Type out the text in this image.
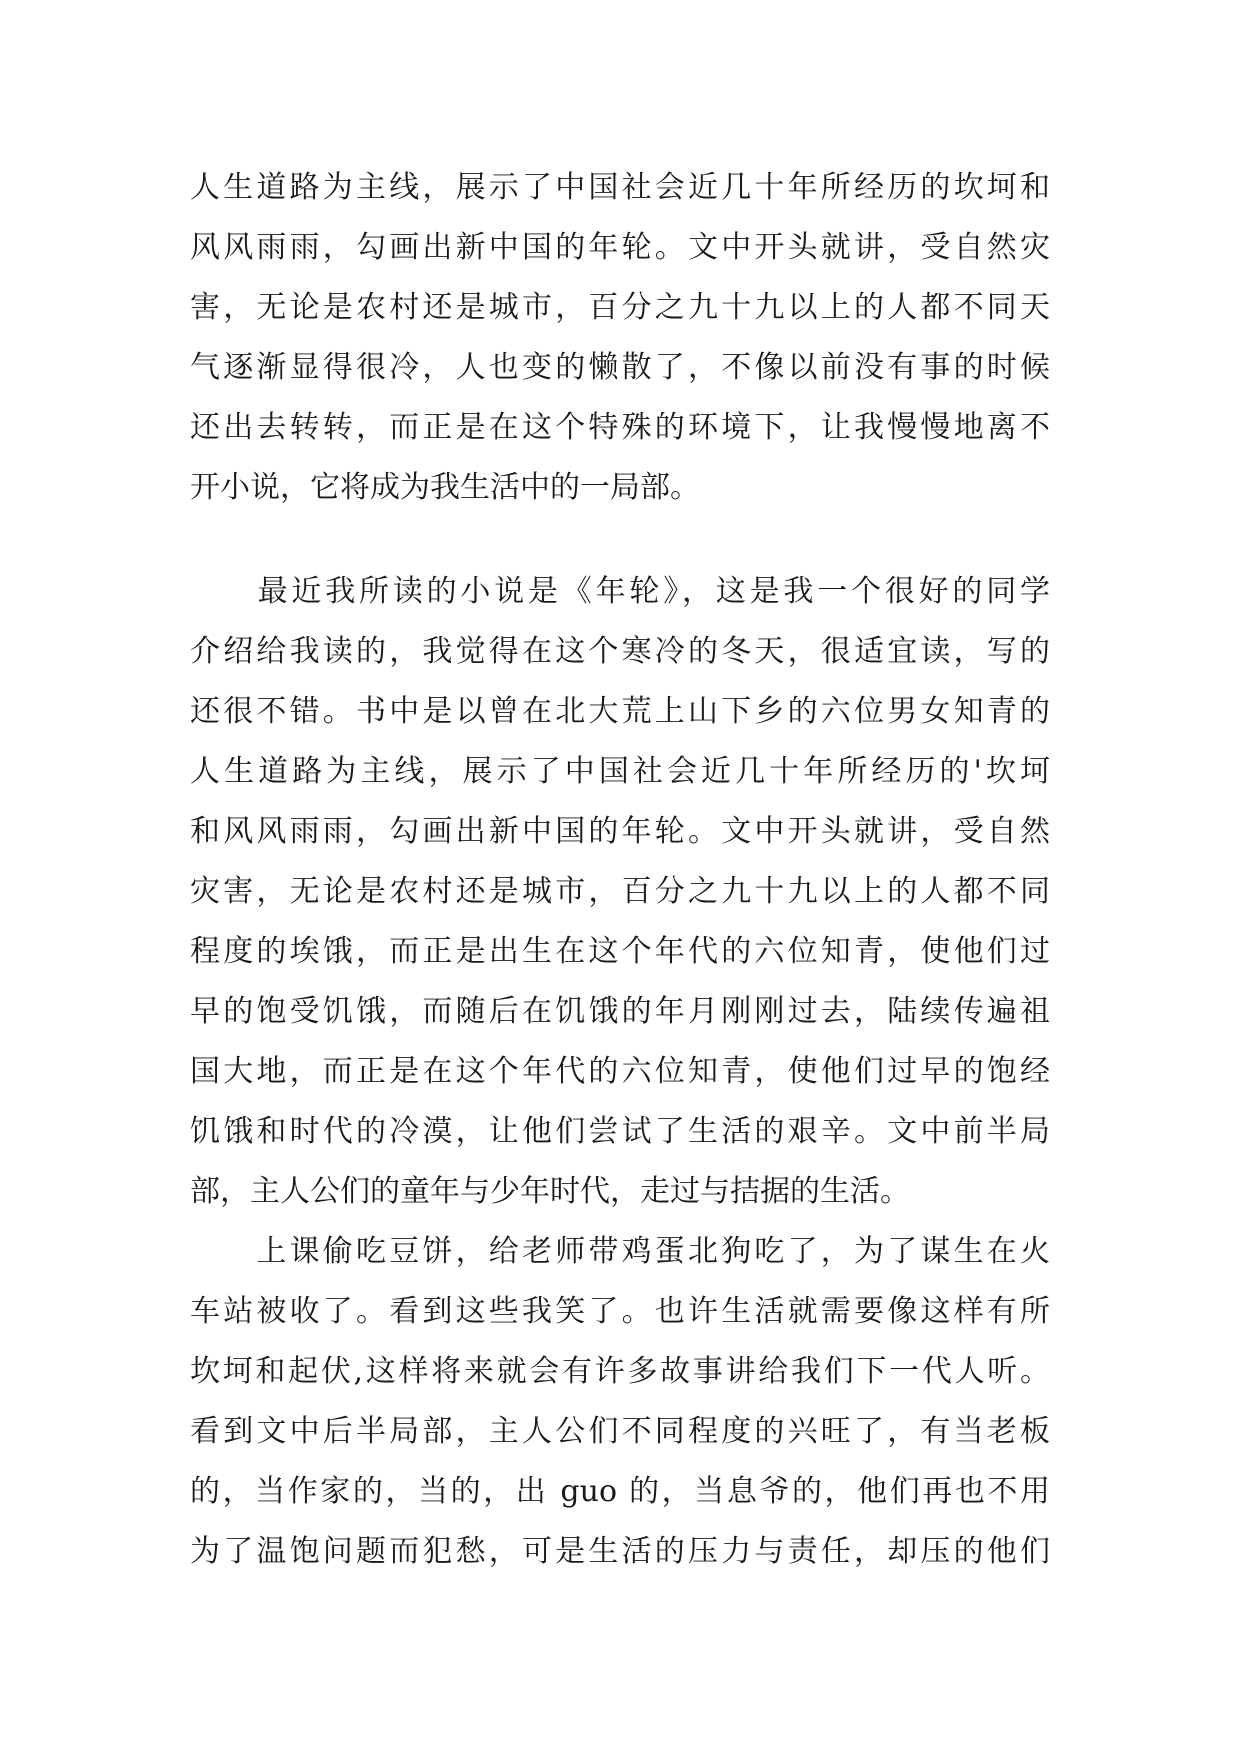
人生道路为主线，展示了中国社会近几十年所经历的坎坷和
风风雨雨，勾画出新中国的年轮。文中开头就讲，受自然灾
害，无论是农村还是城市，百分之九十九以上的人都不同天
气逐渐显得很冷，人也变的懒散了，不像以前没有事的时候
还出去转转，而正是在这个特殊的环境下，让我慢慢地离不
开小说，它将成为我生活中的一局部。
　　最近我所读的小说是《年轮》，这是我一个很好的同学
介绍给我读的，我觉得在这个寒冷的冬天，很适宜读，写的
还很不错。书中是以曾在北大荒上山下乡的六位男女知青的
人生道路为主线，展示了中国社会近几十年所经历的'坎坷
和风风雨雨，勾画出新中国的年轮。文中开头就讲，受自然
灾害，无论是农村还是城市，百分之九十九以上的人都不同
程度的埃饿，而正是出生在这个年代的六位知青，使他们过
早的饱受饥饿，而随后在饥饿的年月刚刚过去，陆续传遍祖
国大地，而正是在这个年代的六位知青，使他们过早的饱经
饥饿和时代的冷漠，让他们尝试了生活的艰辛。文中前半局
部，主人公们的童年与少年时代，走过与拮据的生活。
　　上课偷吃豆饼，给老师带鸡蛋北狗吃了，为了谋生在火
车站被收了。看到这些我笑了。也许生活就需要像这样有所
坎坷和起伏,这样将来就会有许多故事讲给我们下一代人听。
看到文中后半局部，主人公们不同程度的兴旺了，有当老板
的，当作家的，当的，出 guo 的，当息爷的，他们再也不用
为了温饱问题而犯愁，可是生活的压力与责任，却压的他们
